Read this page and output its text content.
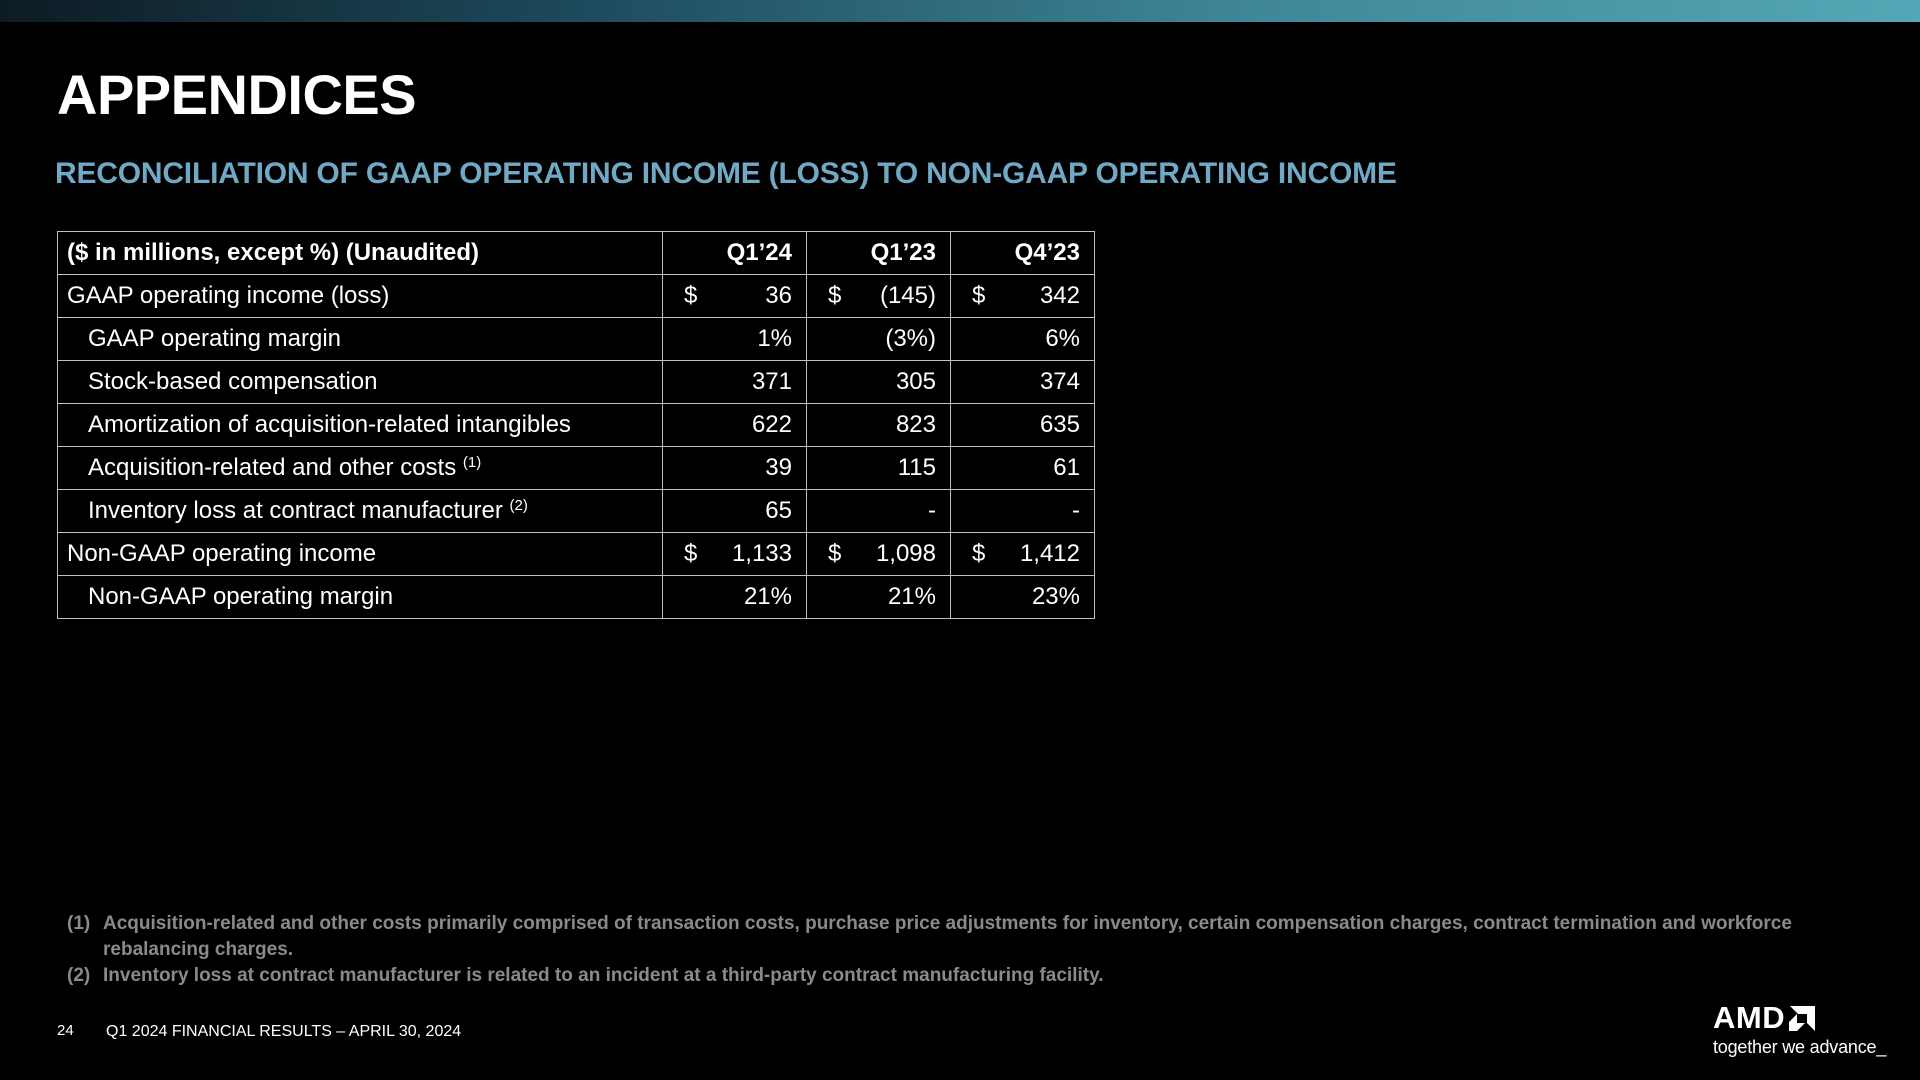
APPENDICES
RECONCILIATION OF GAAP OPERATING INCOME (LOSS) TO NON-GAAP OPERATING INCOME
($ in millions, except %) (Unaudited)	Q1’24	Q1’23	Q4’23
GAAP operating income (loss)	$ 36	$ (145)	$ 342

GAAP operating margin	1%	(3%)	6%
Stock-based compensation	371	305	374
Amortization of acquisition-related intangibles	622	823	635
Acquisition-related and other costs $^{(1)}$	39	115	61
Inventory loss at contract manufacturer $^{(2)}$	65	-	-
Non-GAAP operating income	$ 1,133	$ 1,098	$ 1,412

Non-GAAP operating margin	21%	21%	23%
(1) Acquisition-related and other costs primarily comprised of transaction costs, purchase price adjustments for inventory, certain compensation charges, contract termination and workforce rebalancing charges.
(2) Inventory loss at contract manufacturer is related to an incident at a third-party contract manufacturing facility.
24 Q1 2024 FINANCIAL RESULTS – APRIL 30, 2024	AMD
together we advance_
